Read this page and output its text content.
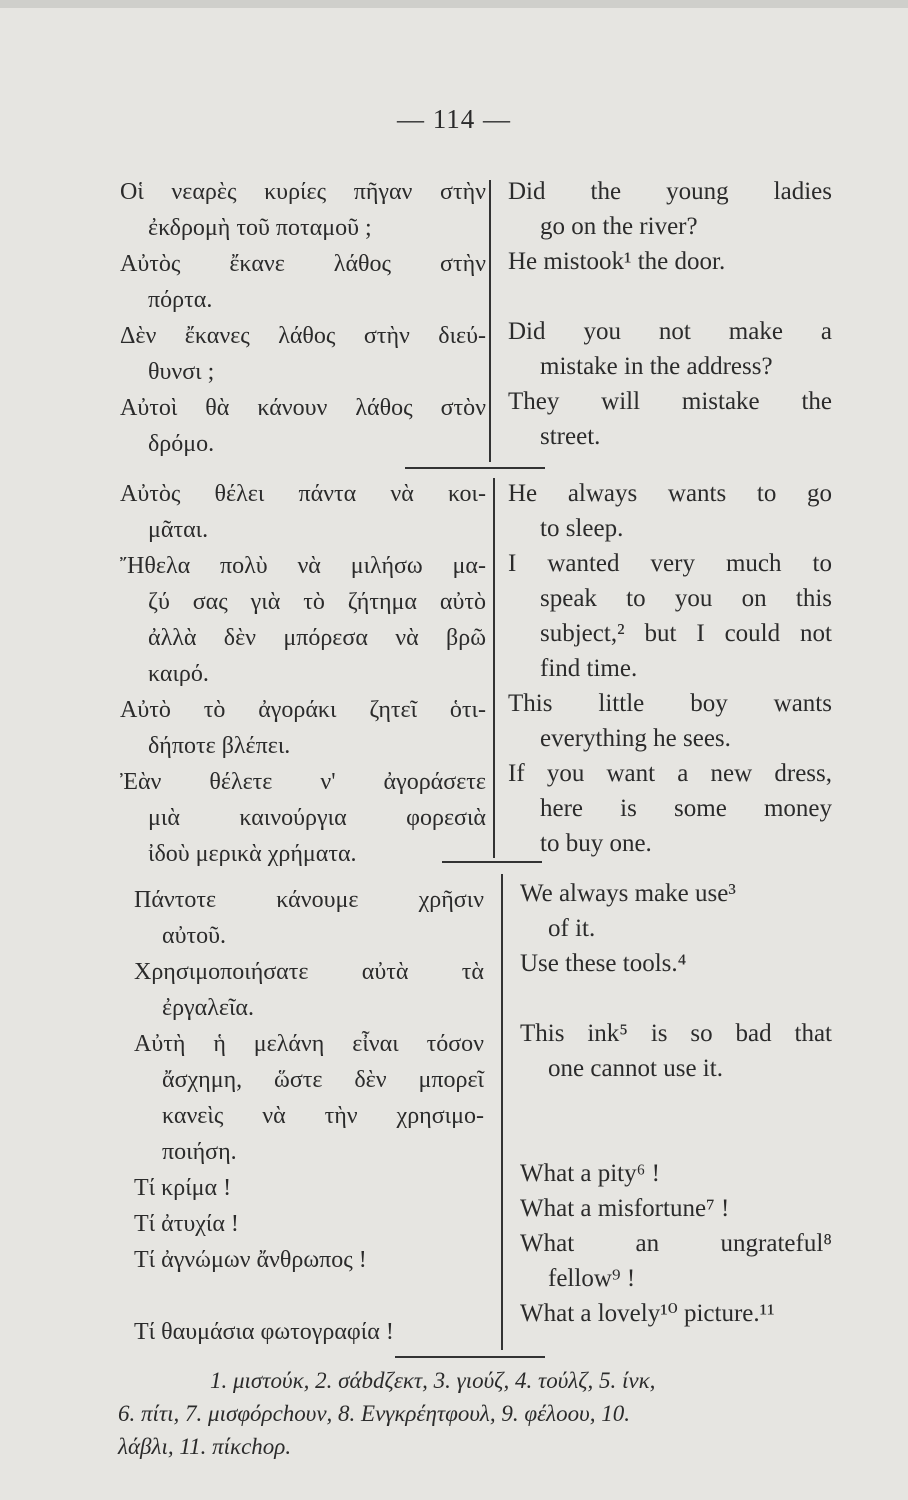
— 114 —
Οἱ νεαρὲς κυρίες πῆγαν στὴν
ἐκδρομὴ τοῦ ποταμοῦ ;
Αὐτὸς ἔκανε λάθος στὴν
πόρτα.
Δὲν ἔκανες λάθος στὴν διεύ-
θυνσι ;
Αὐτοὶ θὰ κάνουν λάθος στὸν
δρόμο.
Did the young ladies
go on the river?
He mistook¹ the door.
Did you not make a
mistake in the address?
They will mistake the
street.
Αὐτὸς θέλει πάντα νὰ κοι-
μᾶται.
Ἤθελα πολὺ νὰ μιλήσω μα-
ζύ σας γιὰ τὸ ζήτημα αὐτὸ
ἀλλὰ δὲν μπόρεσα νὰ βρῶ
καιρό.
Αὐτὸ τὸ ἀγοράκι ζητεῖ ὁτι-
δήποτε βλέπει.
Ἐὰν θέλετε ν' ἀγοράσετε
μιὰ καινούργια φορεσιὰ
ἰδοὺ μερικὰ χρήματα.
He always wants to go
to sleep.
I wanted very much to
speak to you on this
subject,² but I could not
find time.
This little boy wants
everything he sees.
If you want a new dress,
here is some money
to buy one.
Πάντοτε κάνουμε χρῆσιν
αὐτοῦ.
Χρησιμοποιήσατε αὐτὰ τὰ
ἐργαλεῖα.
Αὐτὴ ἡ μελάνη εἶναι τόσον
ἄσχημη, ὥστε δὲν μπορεῖ
κανεὶς νὰ τὴν χρησιμο-
ποιήση.
Τί κρίμα !
Τί ἀτυχία !
Τί ἀγνώμων ἄνθρωπος !
Τί θαυμάσια φωτογραφία !
We always make use³
of it.
Use these tools.⁴
This ink⁵ is so bad that
one cannot use it.
What a pity⁶ !
What a misfortune⁷ !
What an ungrateful⁸
fellow⁹ !
What a lovely¹⁰ picture.¹¹
1. μιστούκ, 2. σάbdζεκτ, 3. γιούζ, 4. τούλζ, 5. ίνκ,
6. πίτι, 7. μισφόρchουν, 8. Ενγκρέητφουλ, 9. φέλοου, 10.
λάβλι, 11. πίκchορ.
